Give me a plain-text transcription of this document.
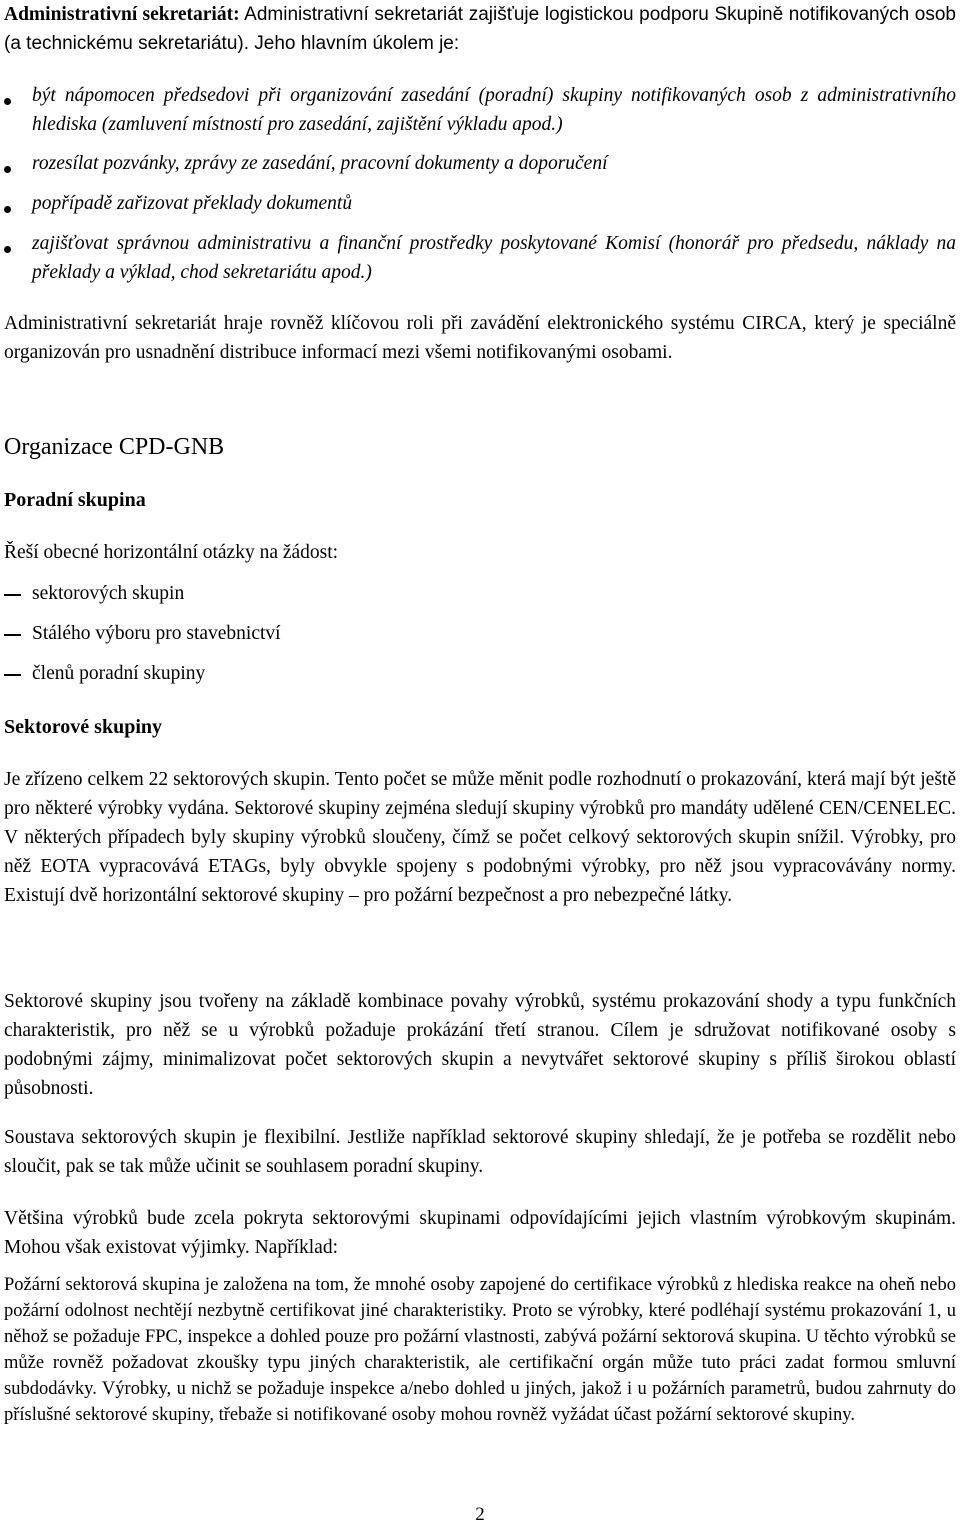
Administrativní sekretariát: Administrativní sekretariát zajišťuje logistickou podporu Skupině notifikovaných osob (a technickému sekretariátu). Jeho hlavním úkolem je:
být nápomocen předsedovi při organizování zasedání (poradní) skupiny notifikovaných osob z administrativního hlediska (zamluvení místností pro zasedání, zajištění výkladu apod.)
rozesílat pozvánky, zprávy ze zasedání, pracovní dokumenty a doporučení
popřípadě zařizovat překlady dokumentů
zajišťovat správnou administrativu a finanční prostředky poskytované Komisí (honorář pro předsedu, náklady na překlady a výklad, chod sekretariátu apod.)
Administrativní sekretariát hraje rovněž klíčovou roli při zavádění elektronického systému CIRCA, který je speciálně organizován pro usnadnění distribuce informací mezi všemi notifikovanými osobami.
Organizace CPD-GNB
Poradní skupina
Řeší obecné horizontální otázky na žádost:
sektorových skupin
Stálého výboru pro stavebnictví
členů poradní skupiny
Sektorové skupiny
Je zřízeno celkem 22 sektorových skupin. Tento počet se může měnit podle rozhodnutí o prokazování, která mají být ještě pro některé výrobky vydána. Sektorové skupiny zejména sledují skupiny výrobků pro mandáty udělené CEN/CENELEC. V některých případech byly skupiny výrobků sloučeny, čímž se počet celkový sektorových skupin snížil. Výrobky, pro něž EOTA vypracovává ETAGs, byly obvykle spojeny s podobnými výrobky, pro něž jsou vypracovávány normy. Existují dvě horizontální sektorové skupiny – pro požární bezpečnost a pro nebezpečné látky.
Sektorové skupiny jsou tvořeny na základě kombinace povahy výrobků, systému prokazování shody a typu funkčních charakteristik, pro něž se u výrobků požaduje prokázání třetí stranou. Cílem je sdružovat notifikované osoby s podobnými zájmy, minimalizovat počet sektorových skupin a nevytvářet sektorové skupiny s příliš širokou oblastí působnosti.
Soustava sektorových skupin je flexibilní. Jestliže například sektorové skupiny shledají, že je potřeba se rozdělit nebo sloučit, pak se tak může učinit se souhlasem poradní skupiny.
Většina výrobků bude zcela pokryta sektorovými skupinami odpovídajícími jejich vlastním výrobkovým skupinám. Mohou však existovat výjimky. Například:
Požární sektorová skupina je založena na tom, že mnohé osoby zapojené do certifikace výrobků z hlediska reakce na oheň nebo požární odolnost nechtějí nezbytně certifikovat jiné charakteristiky. Proto se výrobky, které podléhají systému prokazování 1, u něhož se požaduje FPC, inspekce a dohled pouze pro požární vlastnosti, zabývá požární sektorová skupina. U těchto výrobků se může rovněž požadovat zkoušky typu jiných charakteristik, ale certifikační orgán může tuto práci zadat formou smluvní subdodávky. Výrobky, u nichž se požaduje inspekce a/nebo dohled u jiných, jakož i u požárních parametrů, budou zahrnuty do příslušné sektorové skupiny, třebaže si notifikované osoby mohou rovněž vyžádat účast požární sektorové skupiny.
2
